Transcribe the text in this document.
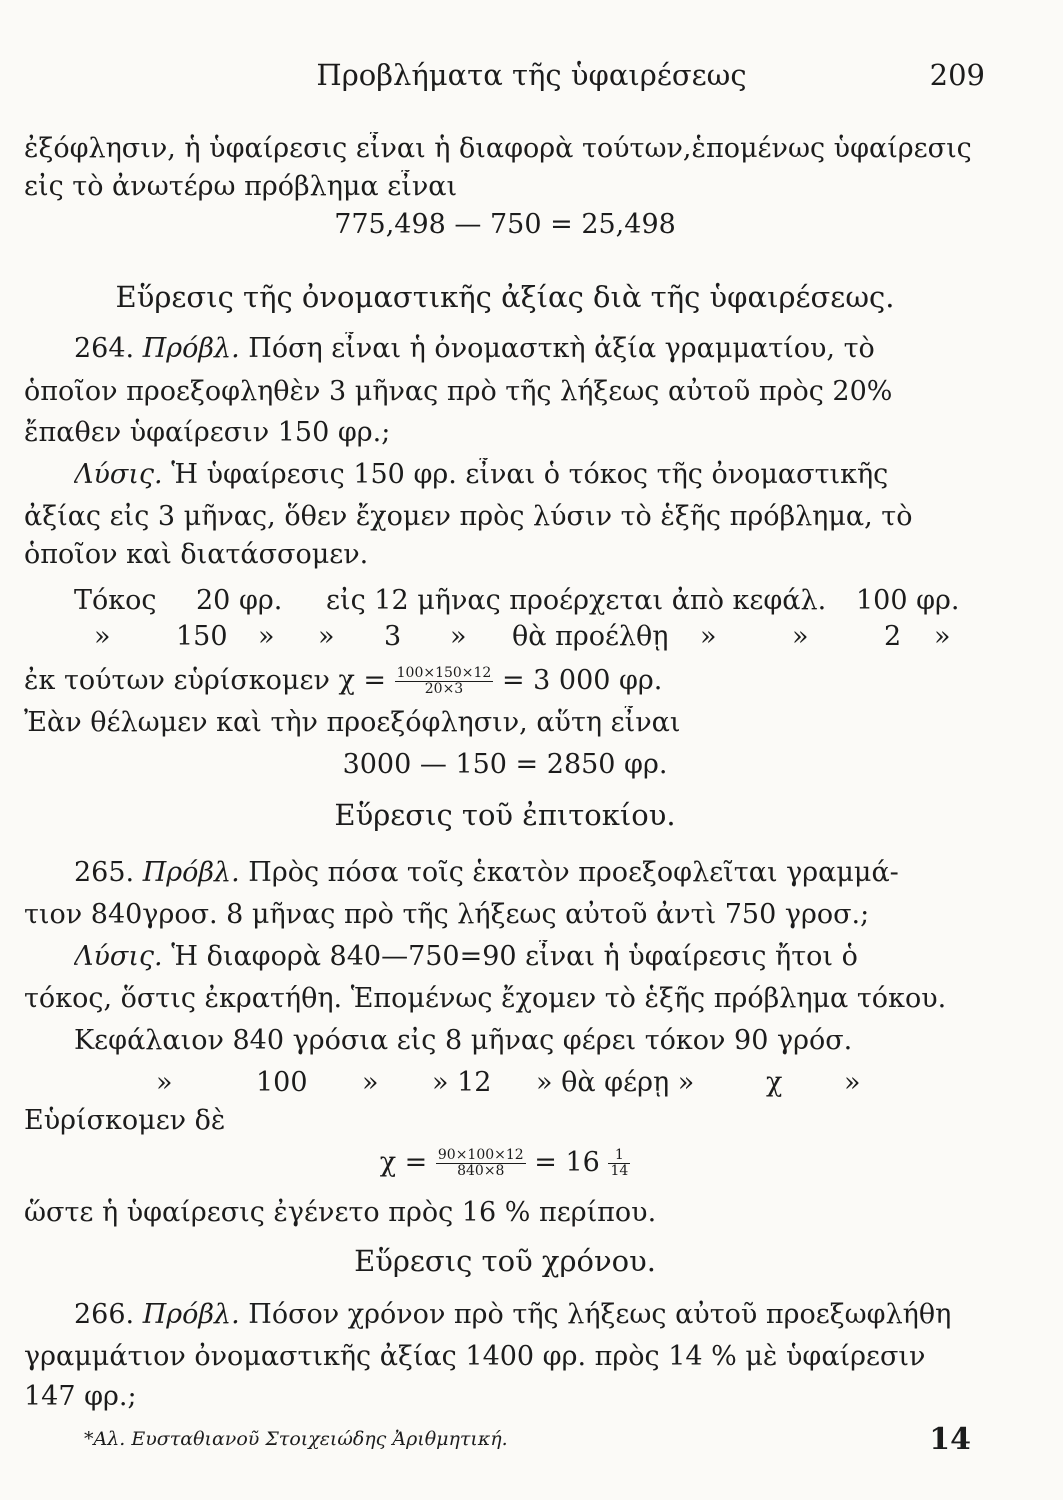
Προβλήματα τῆς ὑφαιρέσεως	209
ἐξόφλησιν, ἡ ὑφαίρεσις εἶναι ἡ διαφορὰ τούτων,ἑπομένως ὑφαίρεσις
εἰς τὸ ἀνωτέρω πρόβλημα εἶναι
775,498 — 750 = 25,498
Εὕρεσις τῆς ὀνομαστικῆς ἀξίας διὰ τῆς ὑφαιρέσεως.
264. Πρόβλ. Πόση εἶναι ἡ ὀνομαστκὴ ἀξία γραμματίου, τὸ
ὁποῖον προεξοφληθὲν 3 μῆνας πρὸ τῆς λήξεως αὐτοῦ πρὸς 20%
ἔπαθεν ὑφαίρεσιν 150 φρ.;
Λύσις. Ἡ ὑφαίρεσις 150 φρ. εἶναι ὁ τόκος τῆς ὀνομαστικῆς
ἀξίας εἰς 3 μῆνας, ὅθεν ἔχομεν πρὸς λύσιν τὸ ἑξῆς πρόβλημα, τὸ
ὁποῖον καὶ διατάσσομεν.
Τόκος 20 φρ. εἰς 12 μῆνας προέρχεται ἀπὸ κεφάλ. 100 φρ.
» 150 » » 3 » θὰ προέλθῃ »	»	2 »
ἐκ τούτων εὑρίσκομεν $\chi = \frac{100\times 150\times 12}{20\times 3} = 3$ 000 φρ.
Ἐὰν θέλωμεν καὶ τὴν προεξόφλησιν, αὕτη εἶναι
3000 — 150 = 2850 φρ.
Εὕρεσις τοῦ ἐπιτοκίου.
265. Πρόβλ. Πρὸς πόσα τοῖς ἑκατὸν προεξοφλεῖται γραμμά-
τιον 840γροσ. 8 μῆνας πρὸ τῆς λήξεως αὐτοῦ ἀντὶ 750 γροσ.;
Λύσις. Ἡ διαφορὰ 840—750=90 εἶναι ἡ ὑφαίρεσις ἤτοι ὁ
τόκος, ὅστις ἐκρατήθη. Ἑπομένως ἔχομεν τὸ ἑξῆς πρόβλημα τόκου.
Κεφάλαιον 840 γρόσια εἰς 8 μῆνας φέρει τόκον 90 γρόσ.
»	100 » » 12 » θὰ φέρῃ »	χ »
Εὑρίσκομεν δὲ
$\chi = \frac{90\times 100\times 12}{840\times 8} = 16 \frac{1}{14}$
ὥστε ἡ ὑφαίρεσις ἐγένετο πρὸς 16 % περίπου.
Εὕρεσις τοῦ χρόνου.
266. Πρόβλ. Πόσον χρόνον πρὸ τῆς λήξεως αὐτοῦ προεξωφλήθη
γραμμάτιον ὀνομαστικῆς ἀξίας 1400 φρ. πρὸς 14 % μὲ ὑφαίρεσιν
147 φρ.;
*Αλ. Ευσταθιανοῦ Στοιχειώδης Ἀριθμητική.	14
